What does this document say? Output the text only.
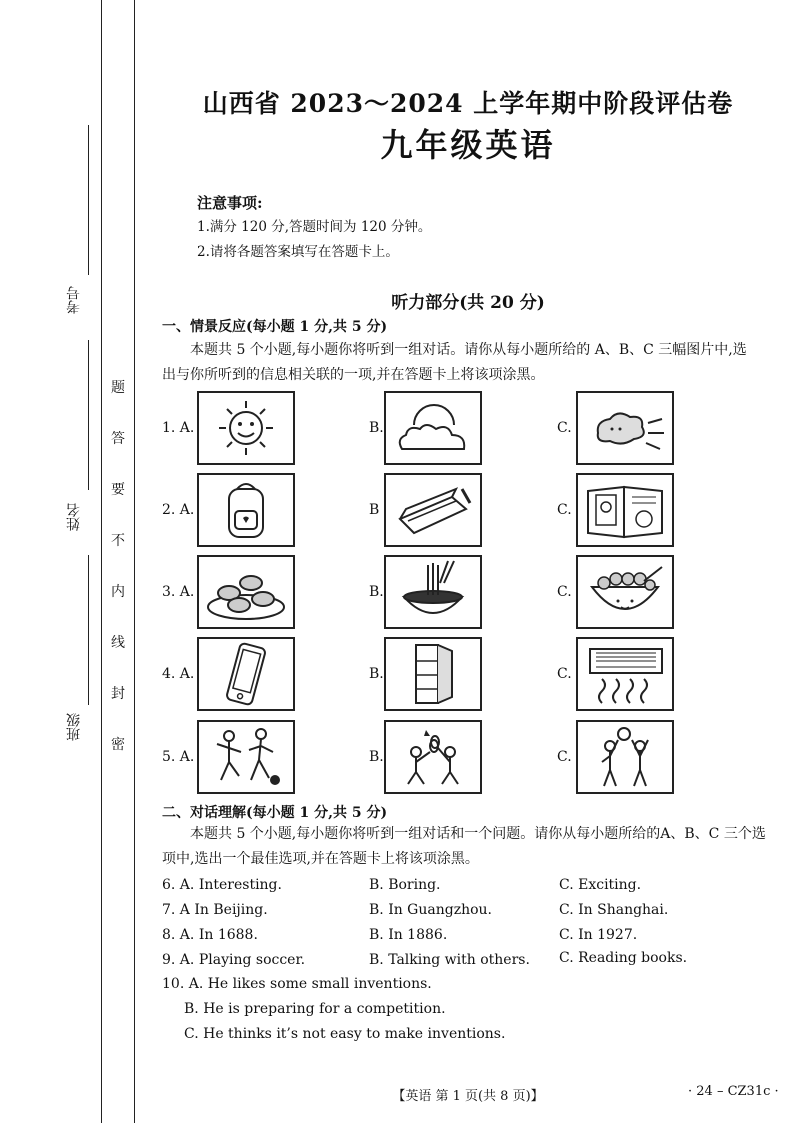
考号
姓名
班级
题
答
要
不
内
线
封
密
山西省 2023～2024 上学年期中阶段评估卷
九年级英语
注意事项:
1.满分 120 分,答题时间为 120 分钟。
2.请将各题答案填写在答题卡上。
听力部分(共 20 分)
一、情景反应(每小题 1 分,共 5 分)
本题共 5 个小题,每小题你将听到一组对话。请你从每小题所给的 A、B、C 三幅图片中,选
出与你所听到的信息相关联的一项,并在答题卡上将该项涂黑。
1. A.	B.	C.
2. A.	B	C.
3. A.	B.	C.
4. A.	B.	C.
5. A.	B.	C.
二、对话理解(每小题 1 分,共 5 分)
本题共 5 个小题,每小题你将听到一组对话和一个问题。请你从每小题所给的A、B、C 三个选
项中,选出一个最佳选项,并在答题卡上将该项涂黑。
6. A. Interesting.	B. Boring.	C. Exciting.
7. A In Beijing.	B. In Guangzhou.	C. In Shanghai.
8. A. In 1688.	B. In 1886.	C. In 1927.
9. A. Playing soccer.	B. Talking with others. C. Reading books.
10. A. He likes some small inventions.
B. He is preparing for a competition.
C. He thinks it’s not easy to make inventions.
【英语 第 1 页(共 8 页)】	· 24 – CZ31c ·
